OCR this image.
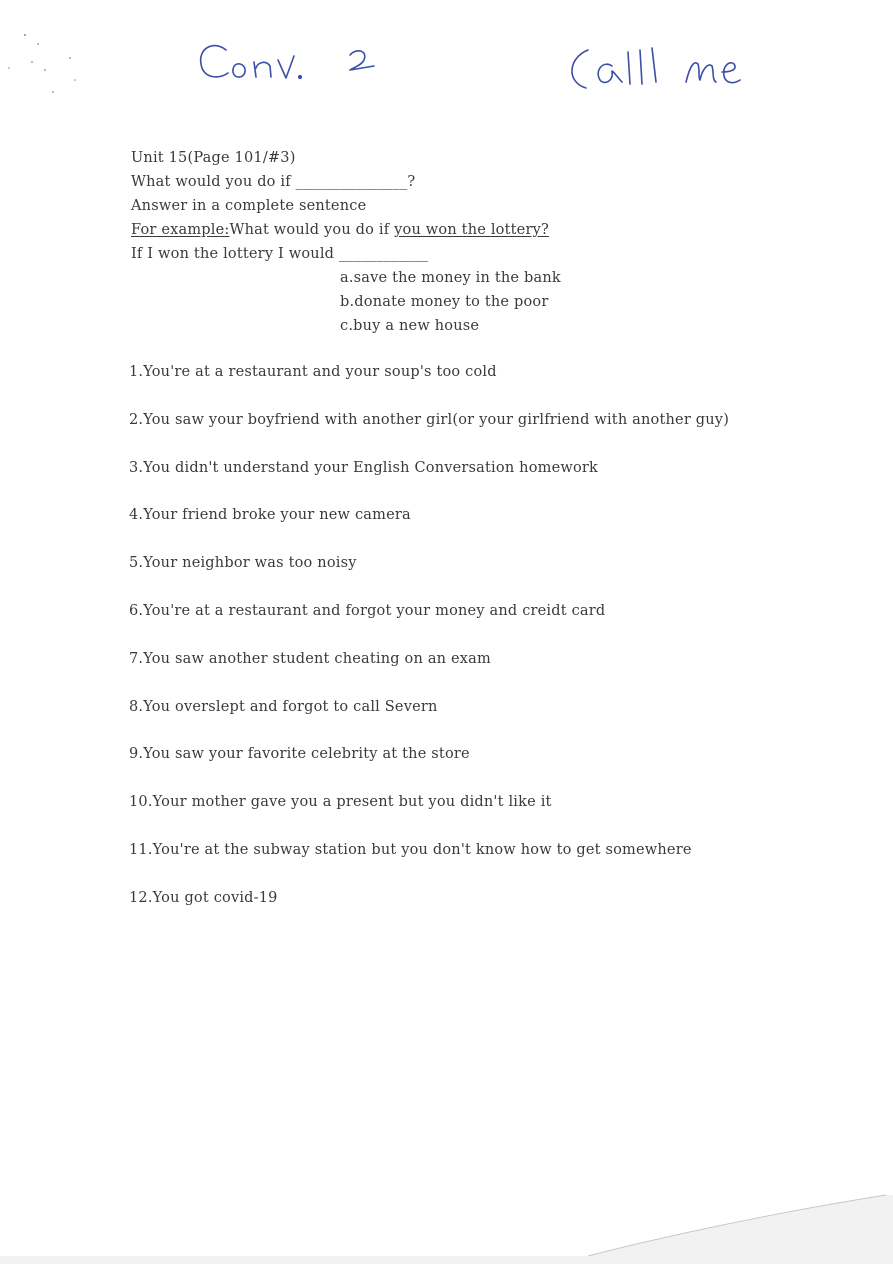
Unit 15(Page 101/#3)
What would you do if _______________?
Answer in a complete sentence
For example:What would you do if you won the lottery?
If I won the lottery I would ____________
a.save the money in the bank
b.donate money to the poor
c.buy a new house
1.You're at a restaurant and your soup's too cold
2.You saw your boyfriend with another girl(or your girlfriend with another guy)
3.You didn't understand your English Conversation homework
4.Your friend broke your new camera
5.Your neighbor was too noisy
6.You're at a restaurant and forgot your money and creidt card
7.You saw another student cheating on an exam
8.You overslept and forgot to call Severn
9.You saw your favorite celebrity at the store
10.Your mother gave you a present but you didn't like it
11.You're at the subway station but you don't know how to get somewhere
12.You got covid-19
